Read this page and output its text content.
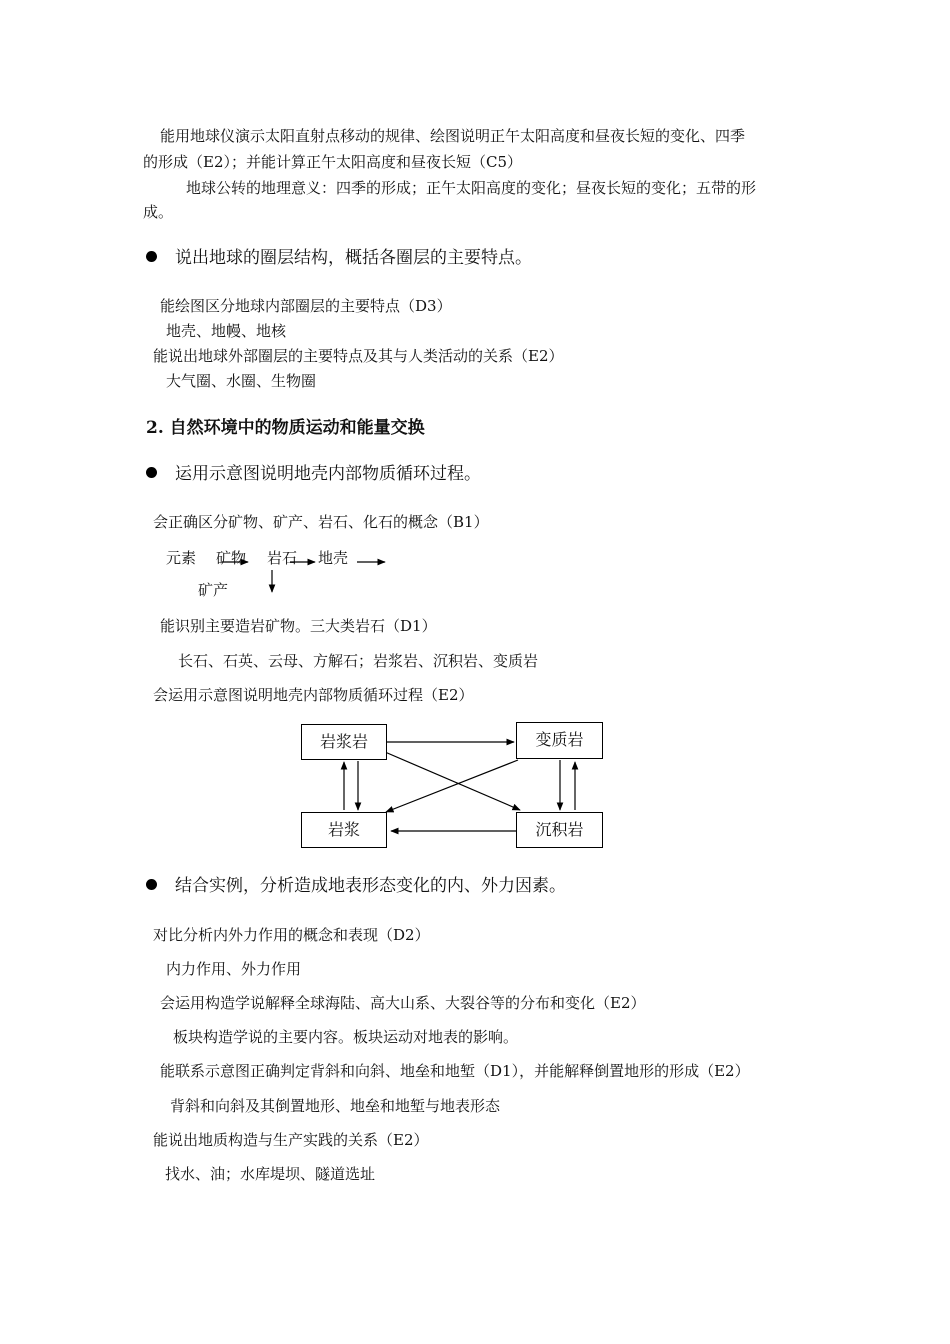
能用地球仪演示太阳直射点移动的规律、绘图说明正午太阳高度和昼夜长短的变化、四季
的形成（E2）；并能计算正午太阳高度和昼夜长短（C5）
地球公转的地理意义：四季的形成；正午太阳高度的变化；昼夜长短的变化；五带的形
成。
说出地球的圈层结构，概括各圈层的主要特点。
能绘图区分地球内部圈层的主要特点（D3）
地壳、地幔、地核
能说出地球外部圈层的主要特点及其与人类活动的关系（E2）
大气圈、水圈、生物圈
2. 自然环境中的物质运动和能量交换
运用示意图说明地壳内部物质循环过程。
会正确区分矿物、矿产、岩石、化石的概念（B1）
元素 矿物 岩石 地壳
矿产
能识别主要造岩矿物。三大类岩石（D1）
长石、石英、云母、方解石；岩浆岩、沉积岩、变质岩
会运用示意图说明地壳内部物质循环过程（E2）
岩浆岩	变质岩
岩浆	沉积岩
结合实例，分析造成地表形态变化的内、外力因素。
对比分析内外力作用的概念和表现（D2）
内力作用、外力作用
会运用构造学说解释全球海陆、高大山系、大裂谷等的分布和变化（E2）
板块构造学说的主要内容。板块运动对地表的影响。
能联系示意图正确判定背斜和向斜、地垒和地堑（D1），并能解释倒置地形的形成（E2）
背斜和向斜及其倒置地形、地垒和地堑与地表形态
能说出地质构造与生产实践的关系（E2）
找水、油；水库堤坝、隧道选址
